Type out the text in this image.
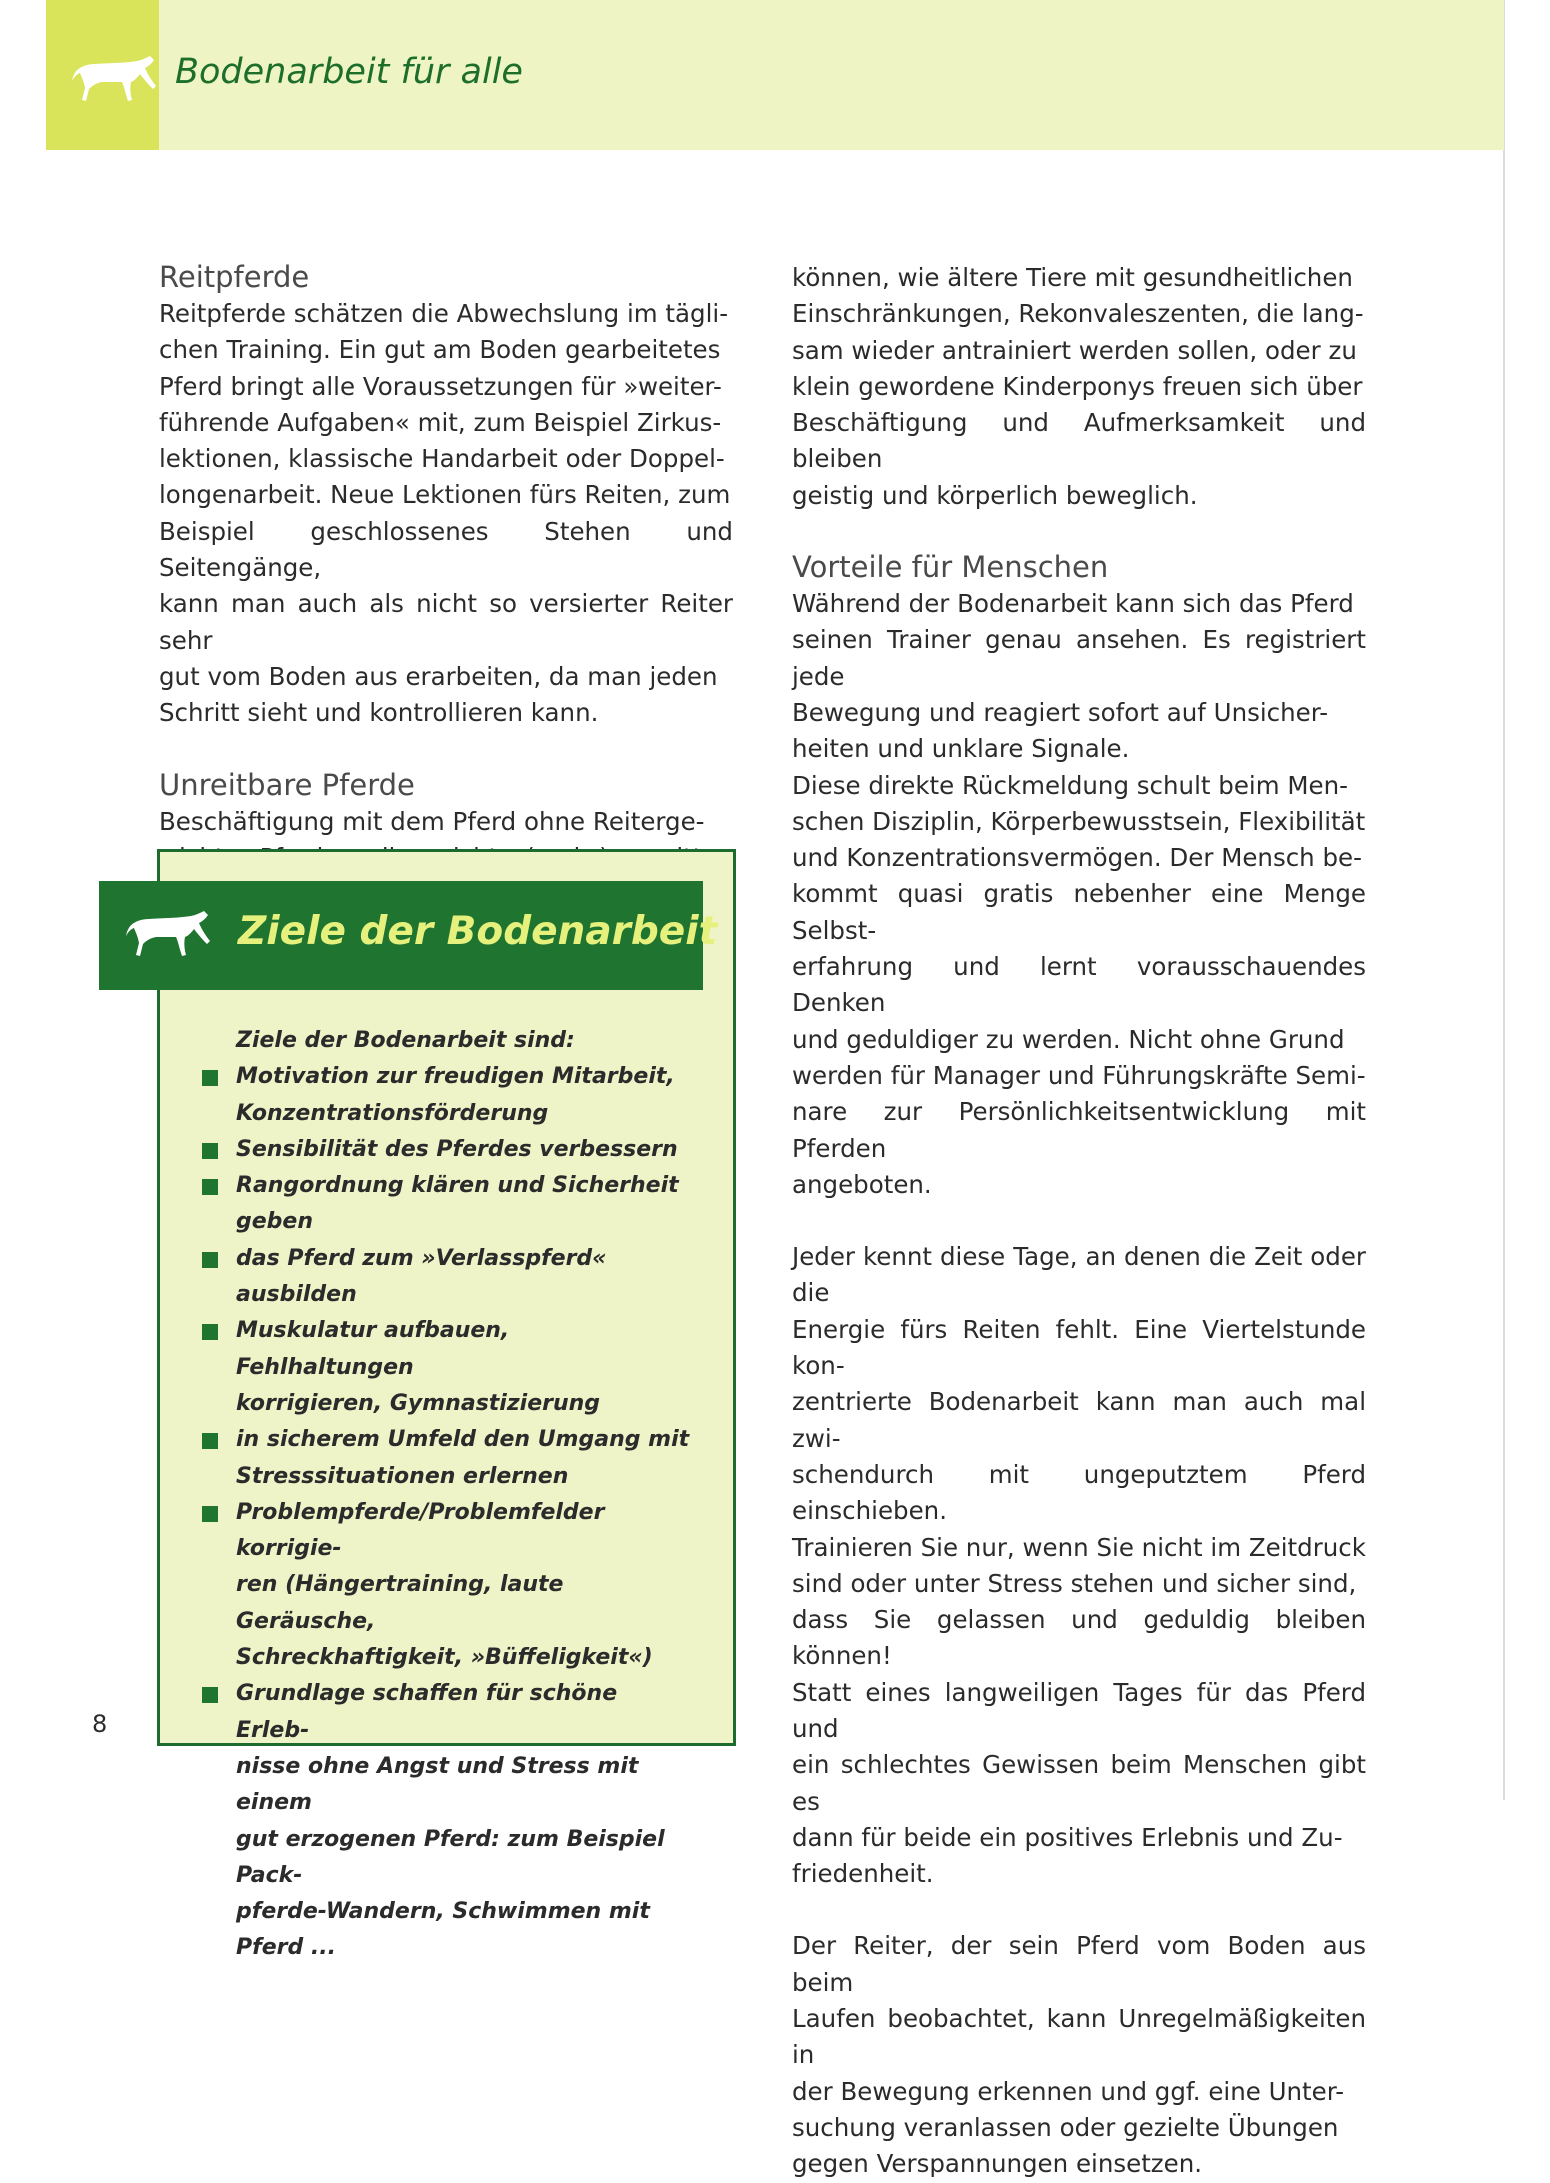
Bodenarbeit für alle
Reitpferde

Reitpferde schätzen die Abwechslung im tägli-
chen Training. Ein gut am Boden gearbeitetes
Pferd bringt alle Voraussetzungen für »weiter-
führende Aufgaben« mit, zum Beispiel Zirkus-
lektionen, klassische Handarbeit oder Doppel-
longenarbeit. Neue Lektionen fürs Reiten, zum
Beispiel geschlossenes Stehen und Seitengänge,
kann man auch als nicht so versierter Reiter sehr
gut vom Boden aus erarbeiten, da man jeden
Schritt sieht und kontrollieren kann.

Unreitbare Pferde

Beschäftigung mit dem Pferd ohne Reiterge-

können, wie ältere Tiere mit gesundheitlichen
Einschränkungen, Rekonvaleszenten, die lang-
sam wieder antrainiert werden sollen, oder zu
klein gewordene Kinderponys freuen sich über
Beschäftigung und Aufmerksamkeit und bleiben
geistig und körperlich beweglich.

Vorteile für Menschen

Während der Bodenarbeit kann sich das Pferd
seinen Trainer genau ansehen. Es registriert jede
Bewegung und reagiert sofort auf Unsicher-
heiten und unklare Signale.

Diese direkte Rückmeldung schult beim Men-
schen Disziplin, Körperbewusstsein, Flexibilität
und Konzentrationsvermögen. Der Mensch be-
kommt quasi gratis nebenher eine Menge Selbst-
erfahrung und lernt vorausschauendes Denken
und geduldiger zu werden. Nicht ohne Grund
werden für Manager und Führungskräfte Semi-
nare zur Persönlichkeitsentwicklung mit Pferden
angeboten.

Jeder kennt diese Tage, an denen die Zeit oder die
Energie fürs Reiten fehlt. Eine Viertelstunde kon-
zentrierte Bodenarbeit kann man auch mal zwi-
schendurch mit ungeputztem Pferd einschieben.
Trainieren Sie nur, wenn Sie nicht im Zeitdruck
sind oder unter Stress stehen und sicher sind,
dass Sie gelassen und geduldig bleiben können!
Statt eines langweiligen Tages für das Pferd und
ein schlechtes Gewissen beim Menschen gibt es
dann für beide ein positives Erlebnis und Zu-
friedenheit.

Der Reiter, der sein Pferd vom Boden aus beim
Laufen beobachtet, kann Unregelmäßigkeiten in
der Bewegung erkennen und ggf. eine Unter-
suchung veranlassen oder gezielte Übungen
gegen Verspannungen einsetzen.

Ziele der Bodenarbeit
Ziele der Bodenarbeit sind:
Motivation zur freudigen Mitarbeit,
Konzentrationsförderung
Sensibilität des Pferdes verbessern
Rangordnung klären und Sicherheit
geben
das Pferd zum »Verlasspferd« ausbilden
Muskulatur aufbauen, Fehlhaltungen
korrigieren, Gymnastizierung
in sicherem Umfeld den Umgang mit
Stresssituationen erlernen
Problempferde/Problemfelder korrigie-
ren (Hängertraining, laute Geräusche,
Schreckhaftigkeit, »Büffeligkeit«)
Grundlage schaffen für schöne Erleb-
nisse ohne Angst und Stress mit einem
gut erzogenen Pferd: zum Beispiel Pack-
pferde-Wandern, Schwimmen mit
Pferd ...
8
